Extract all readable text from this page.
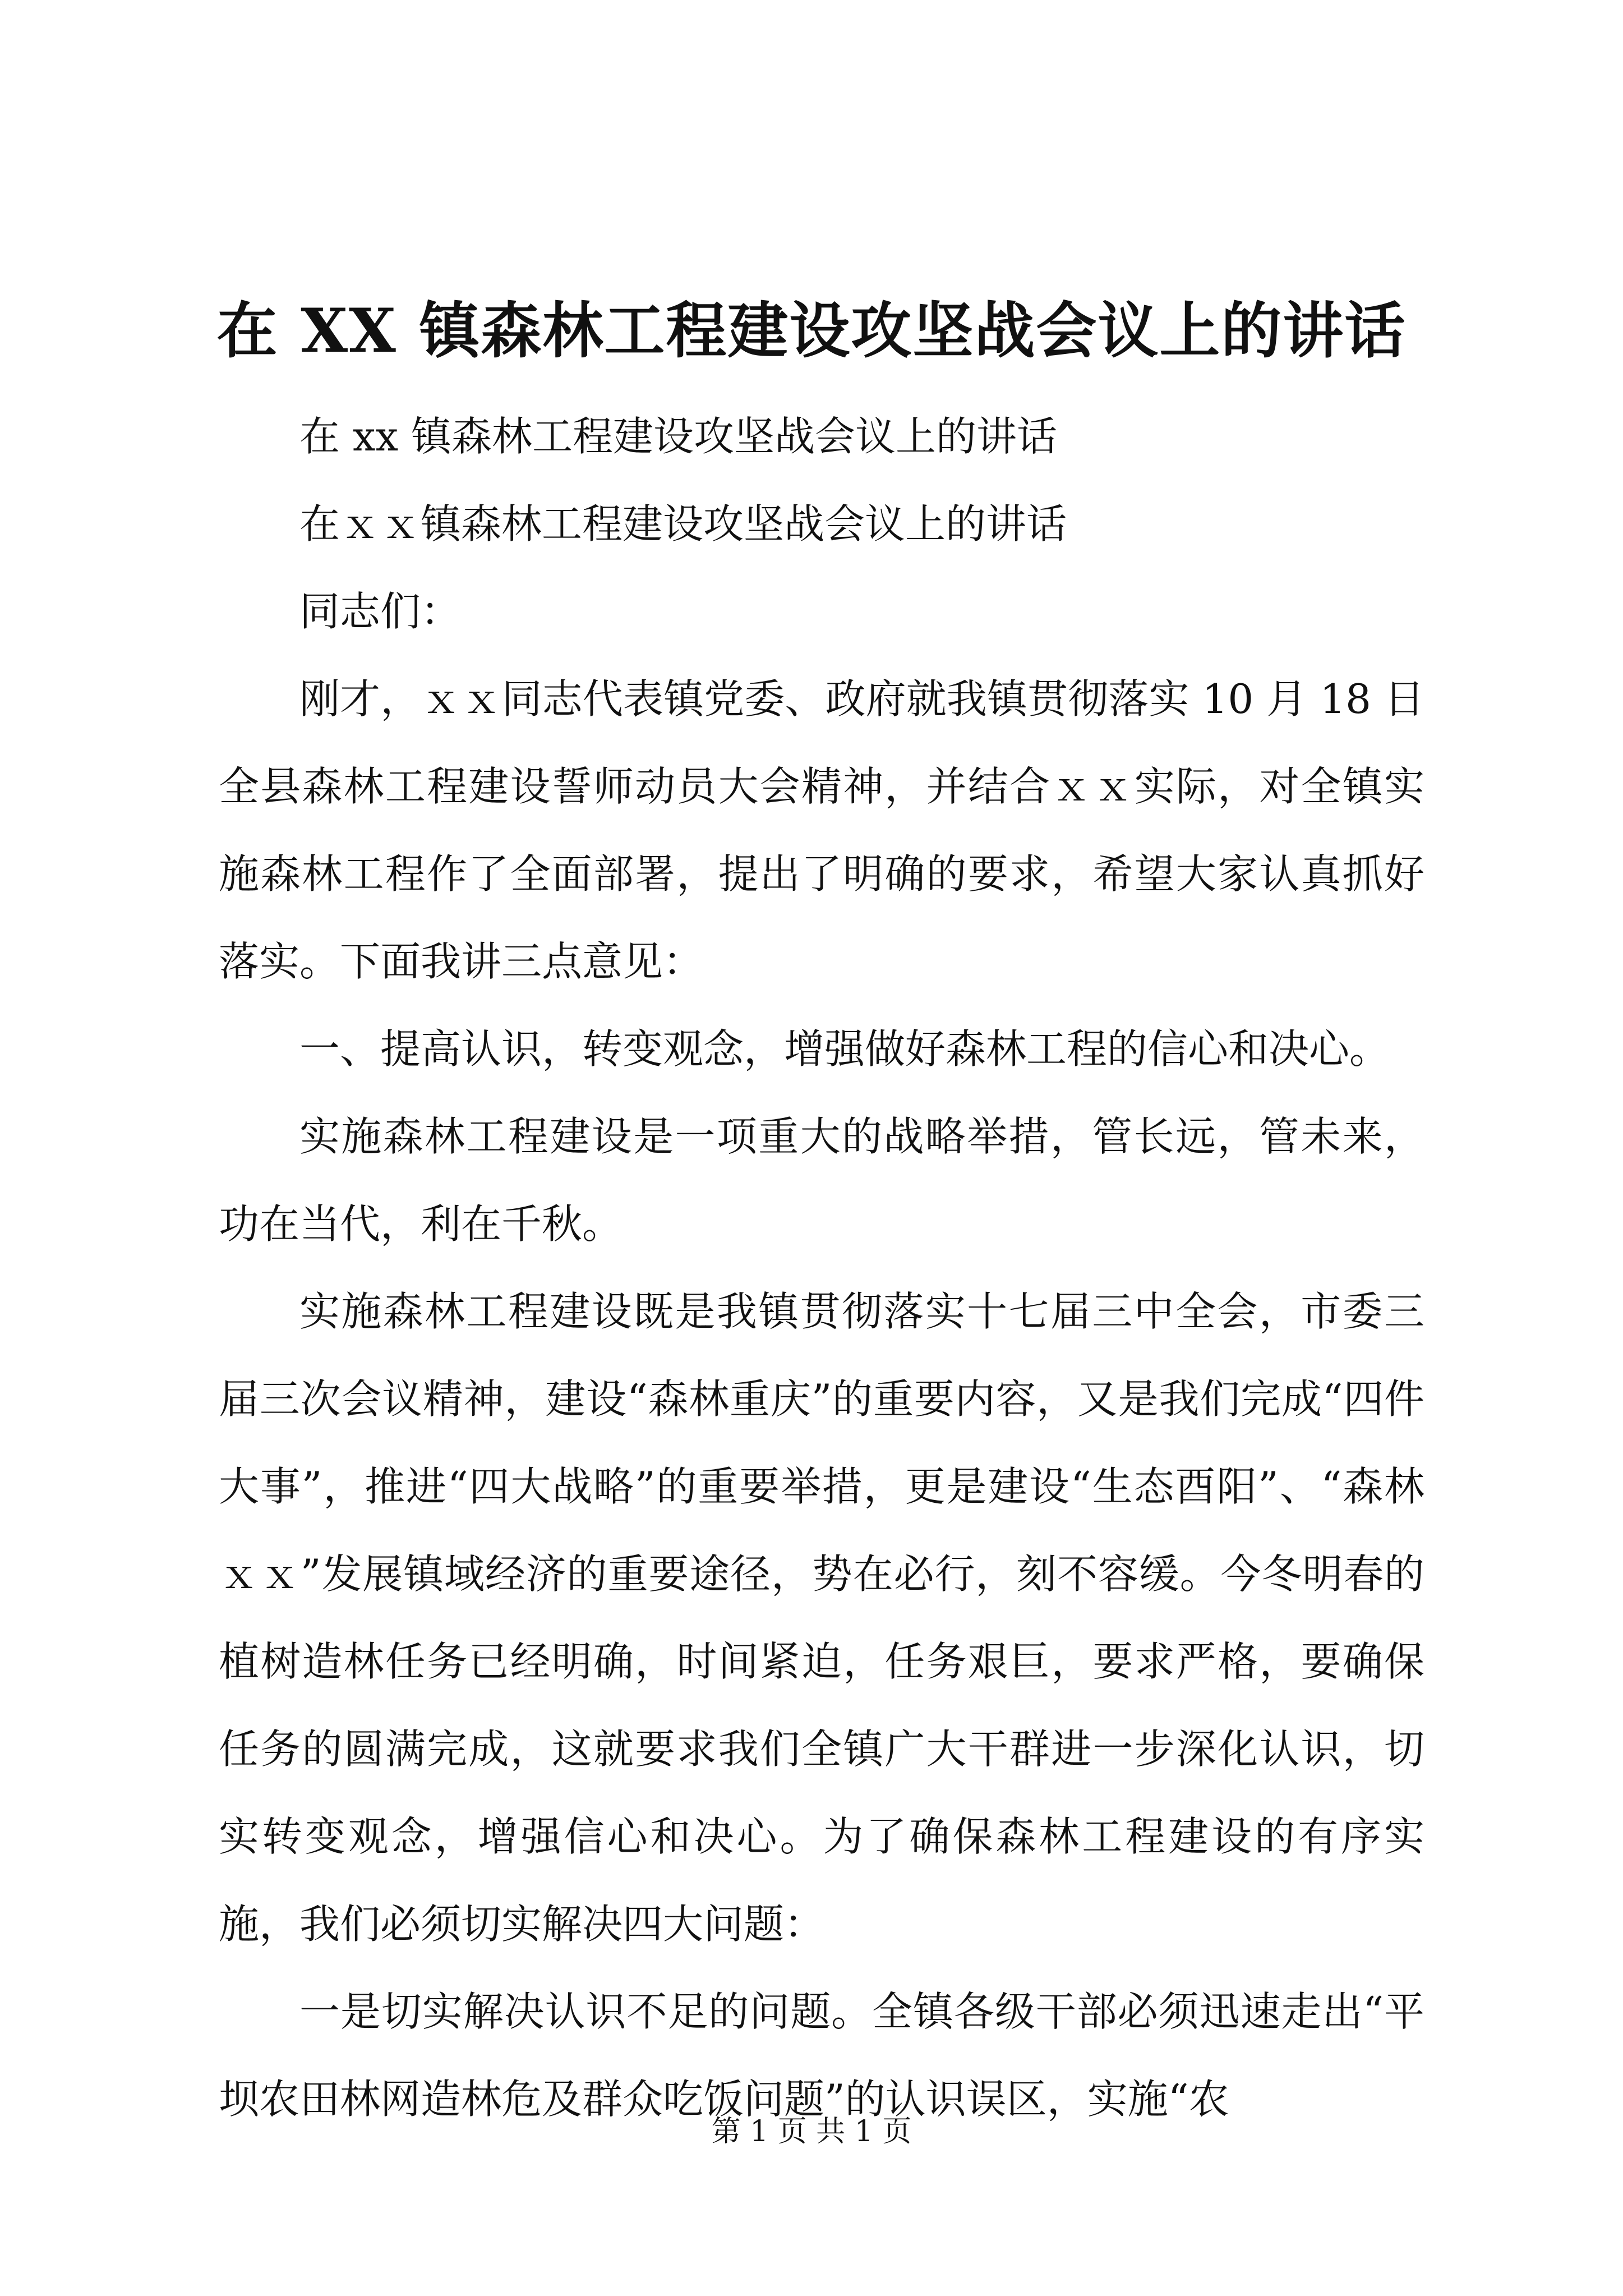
在 XX 镇森林工程建设攻坚战会议上的讲话

在 xx 镇森林工程建设攻坚战会议上的讲话

在ｘｘ镇森林工程建设攻坚战会议上的讲话

同志们：

刚才，ｘｘ同志代表镇党委、政府就我镇贯彻落实 10 月 18 日全县森林工程建设誓师动员大会精神，并结合ｘｘ实际，对全镇实施森林工程作了全面部署，提出了明确的要求，希望大家认真抓好落实。下面我讲三点意见：

一、提高认识，转变观念，增强做好森林工程的信心和决心。

实施森林工程建设是一项重大的战略举措，管长远，管未来，功在当代，利在千秋。

实施森林工程建设既是我镇贯彻落实十七届三中全会，市委三届三次会议精神，建设“森林重庆”的重要内容，又是我们完成“四件大事”，推进“四大战略”的重要举措，更是建设“生态酉阳”、“森林ｘｘ”发展镇域经济的重要途径，势在必行，刻不容缓。今冬明春的植树造林任务已经明确，时间紧迫，任务艰巨，要求严格，要确保任务的圆满完成，这就要求我们全镇广大干群进一步深化认识，切实转变观念，增强信心和决心。为了确保森林工程建设的有序实施，我们必须切实解决四大问题：

一是切实解决认识不足的问题。全镇各级干部必须迅速走出“平坝农田林网造林危及群众吃饭问题”的认识误区，实施“农

第 1 页 共 1 页
